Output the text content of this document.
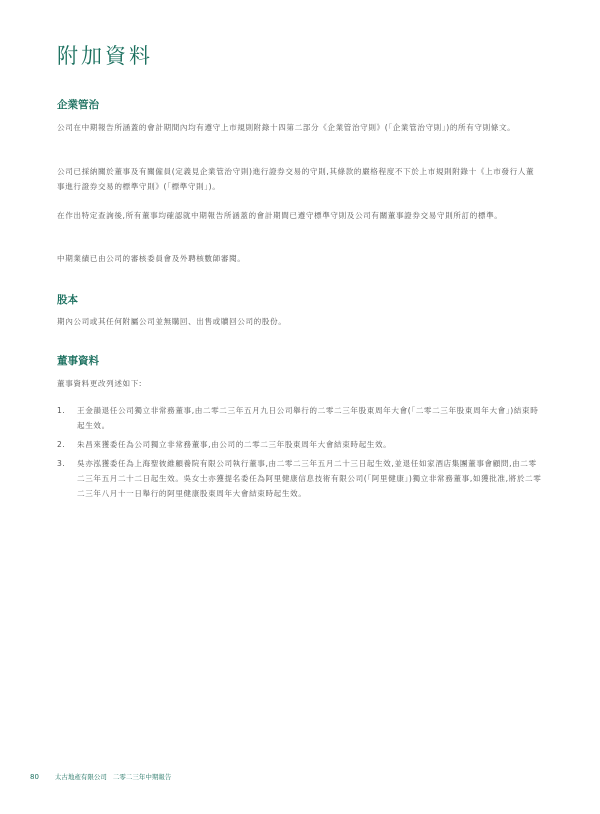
附加資料
企業管治

公司在中期報告所涵蓋的會計期間內均有遵守上市規則附錄十四第二部分《企業管治守則》(「企業管治守則」)的所有守則條文。

公司已採納關於董事及有關僱員(定義見企業管治守則)進行證券交易的守則,其條款的嚴格程度不下於上市規則附錄十《上市發行人董事進行證券交易的標準守則》(「標準守則」)。

在作出特定查詢後,所有董事均確認就中期報告所涵蓋的會計期間已遵守標準守則及公司有關董事證券交易守則所訂的標準。

中期業績已由公司的審核委員會及外聘核數師審閱。

股本

期內公司或其任何附屬公司並無購回、出售或贖回公司的股份。

董事資料

董事資料更改列述如下:

1.	王金韻退任公司獨立非常務董事,由二零二三年五月九日公司舉行的二零二三年股東周年大會(「二零二三年股東周年大會」)結束時起生效。
2.	朱昌來獲委任為公司獨立非常務董事,由公司的二零二三年股東周年大會結束時起生效。
3.	吳亦泓獲委任為上海聖彼維顧養院有限公司執行董事,由二零二三年五月二十三日起生效,並退任如家酒店集團董事會顧問,由二零二三年五月二十二日起生效。吳女士亦獲提名委任為阿里健康信息技術有限公司(「阿里健康」)獨立非常務董事,如獲批准,將於二零二三年八月十一日舉行的阿里健康股東周年大會結束時起生效。
80 太古地產有限公司 二零二三年中期報告
